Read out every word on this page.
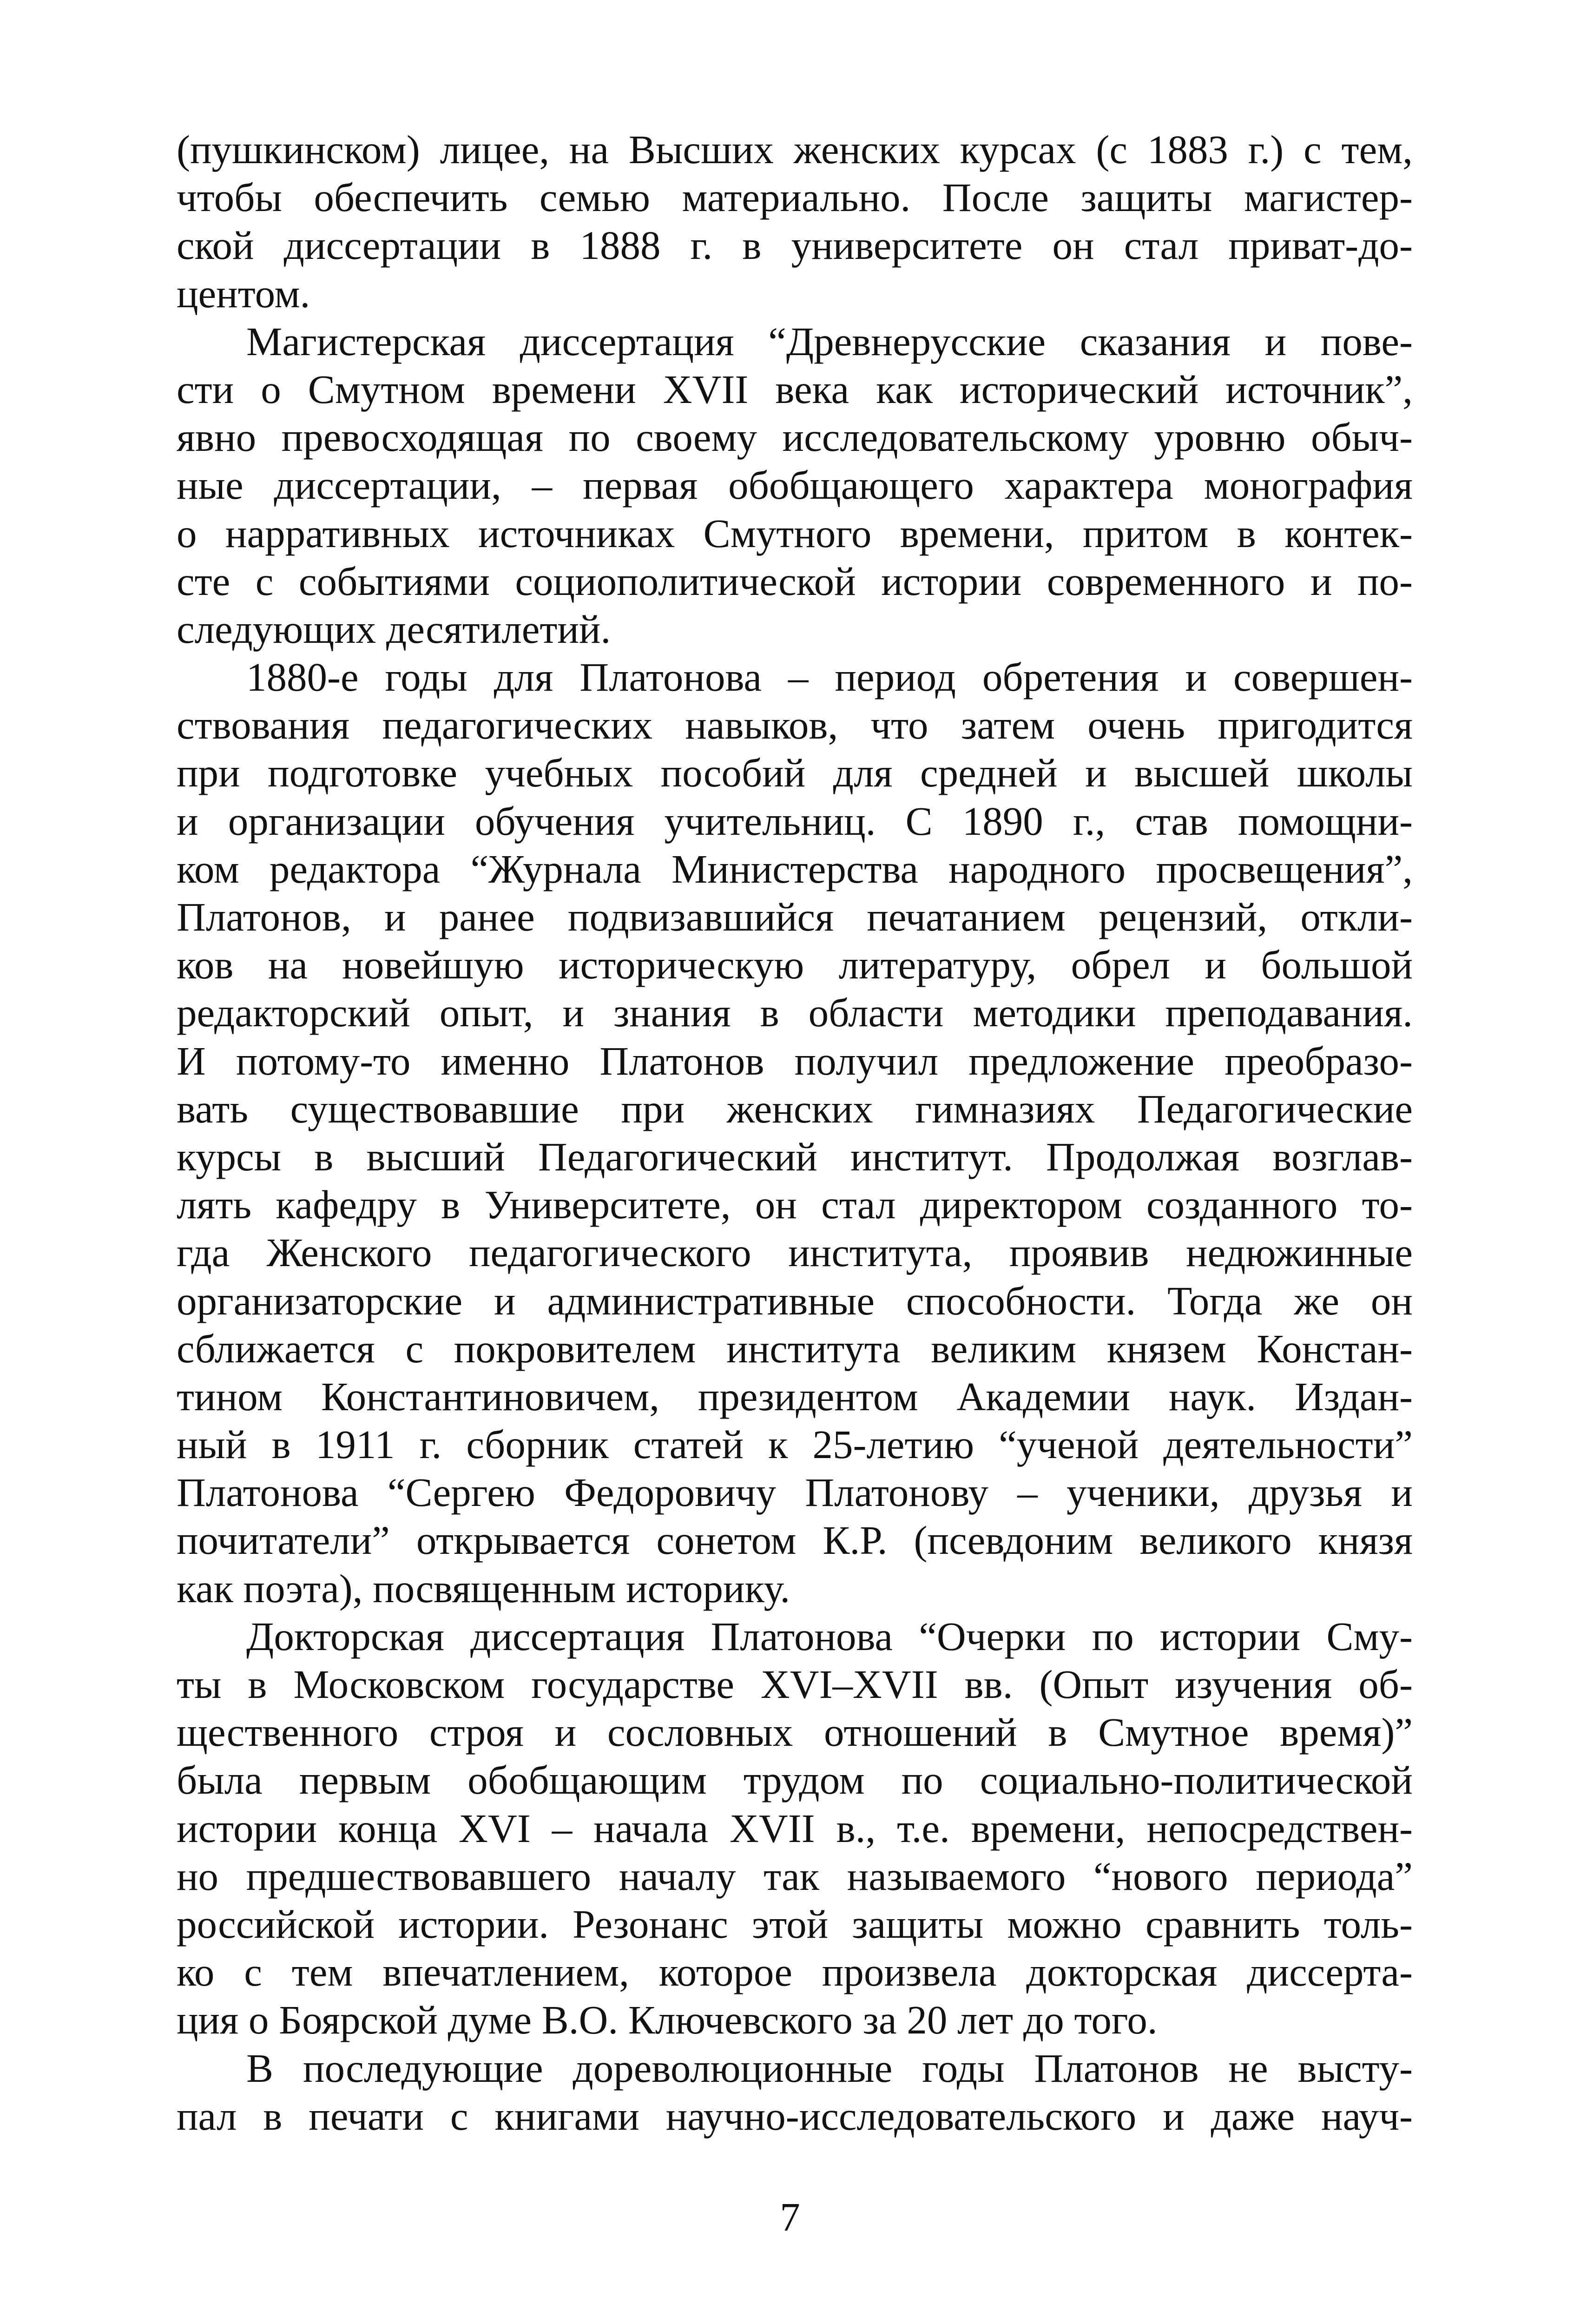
(пушкинском) лицее, на Высших женских курсах (с 1883 г.) с тем,
чтобы обеспечить семью материально. После защиты магистер-
ской диссертации в 1888 г. в университете он стал приват-до-
центом.
Магистерская диссертация “Древнерусские сказания и пове-
сти о Смутном времени XVII века как исторический источник”,
явно превосходящая по своему исследовательскому уровню обыч-
ные диссертации, – первая обобщающего характера монография
о нарративных источниках Смутного времени, притом в контек-
сте с событиями социополитической истории современного и по-
следующих десятилетий.
1880-е годы для Платонова – период обретения и совершен-
ствования педагогических навыков, что затем очень пригодится
при подготовке учебных пособий для средней и высшей школы
и организации обучения учительниц. С 1890 г., став помощни-
ком редактора “Журнала Министерства народного просвещения”,
Платонов, и ранее подвизавшийся печатанием рецензий, откли-
ков на новейшую историческую литературу, обрел и большой
редакторский опыт, и знания в области методики преподавания.
И потому-то именно Платонов получил предложение преобразо-
вать существовавшие при женских гимназиях Педагогические
курсы в высший Педагогический институт. Продолжая возглав-
лять кафедру в Университете, он стал директором созданного то-
гда Женского педагогического института, проявив недюжинные
организаторские и административные способности. Тогда же он
сближается с покровителем института великим князем Констан-
тином Константиновичем, президентом Академии наук. Издан-
ный в 1911 г. сборник статей к 25-летию “ученой деятельности”
Платонова “Сергею Федоровичу Платонову – ученики, друзья и
почитатели” открывается сонетом К.Р. (псевдоним великого князя
как поэта), посвященным историку.
Докторская диссертация Платонова “Очерки по истории Сму-
ты в Московском государстве XVI–XVII вв. (Опыт изучения об-
щественного строя и сословных отношений в Смутное время)”
была первым обобщающим трудом по социально-политической
истории конца XVI – начала XVII в., т.е. времени, непосредствен-
но предшествовавшего началу так называемого “нового периода”
российской истории. Резонанс этой защиты можно сравнить толь-
ко с тем впечатлением, которое произвела докторская диссерта-
ция о Боярской думе В.О. Ключевского за 20 лет до того.
В последующие дореволюционные годы Платонов не высту-
пал в печати с книгами научно-исследовательского и даже науч-
7
